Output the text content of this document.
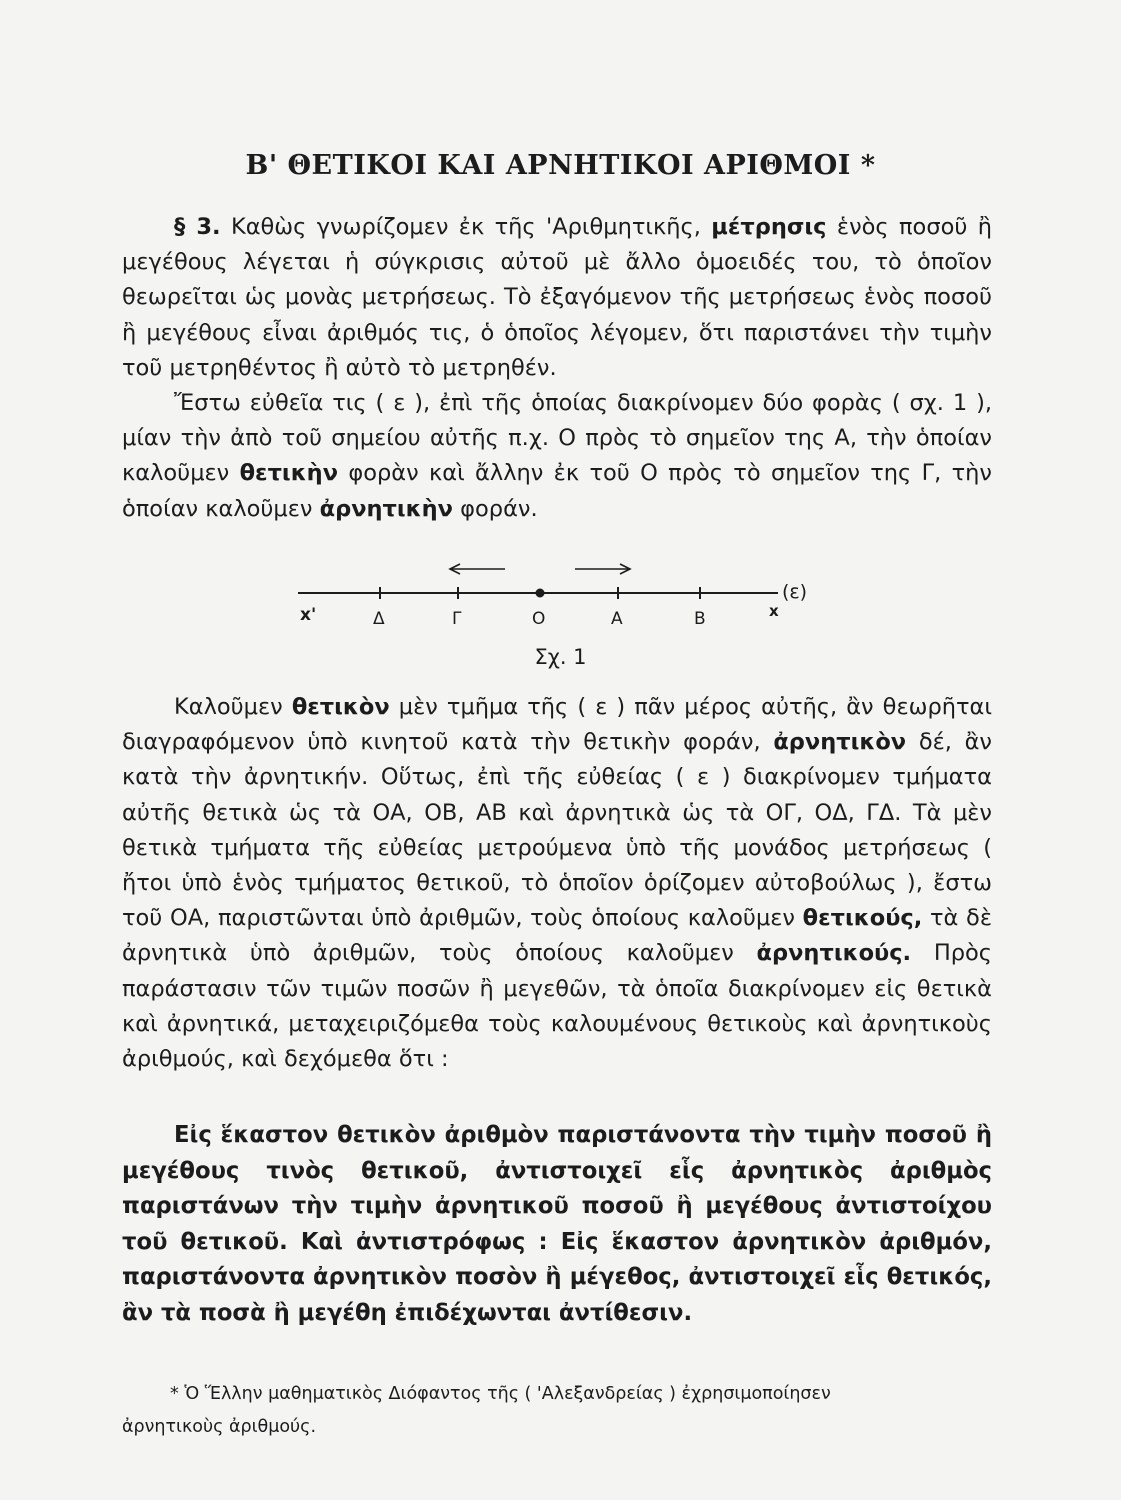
Β' ΘΕΤΙΚΟΙ ΚΑΙ ΑΡΝΗΤΙΚΟΙ ΑΡΙΘΜΟΙ *

§ 3. Καθὼς γνωρίζομεν ἐκ τῆς 'Αριθμητικῆς, μέτρησις ἑνὸς ποσοῦ ἢ μεγέθους λέγεται ἡ σύγκρισις αὐτοῦ μὲ ἄλλο ὁμοειδές του, τὸ ὁποῖον θεωρεῖται ὡς μονὰς μετρήσεως. Τὸ ἐξαγόμενον τῆς μετρήσεως ἑνὸς ποσοῦ ἢ μεγέθους εἶναι ἀριθμός τις, ὁ ὁποῖος λέγομεν, ὅτι παριστάνει τὴν τιμὴν τοῦ μετρηθέντος ἢ αὐτὸ τὸ μετρηθέν.

Ἔστω εὐθεῖα τις ( ε ), ἐπὶ τῆς ὁποίας διακρίνομεν δύο φορὰς ( σχ. 1 ), μίαν τὴν ἀπὸ τοῦ σημείου αὐτῆς π.χ. Ο πρὸς τὸ σημεῖον της Α, τὴν ὁποίαν καλοῦμεν θετικὴν φορὰν καὶ ἄλλην ἐκ τοῦ Ο πρὸς τὸ σημεῖον της Γ, τὴν ὁποίαν καλοῦμεν ἀρνητικὴν φοράν.

x'	Δ	Γ	O	A	B	x
(ε)
Σχ. 1

Καλοῦμεν θετικὸν μὲν τμῆμα τῆς ( ε ) πᾶν μέρος αὐτῆς, ἂν θεωρῆται διαγραφόμενον ὑπὸ κινητοῦ κατὰ τὴν θετικὴν φοράν, ἀρνητικὸν δέ, ἂν κατὰ τὴν ἀρνητικήν. Οὕτως, ἐπὶ τῆς εὐθείας ( ε ) διακρίνομεν τμήματα αὐτῆς θετικὰ ὡς τὰ ΟΑ, ΟΒ, ΑΒ καὶ ἀρνητικὰ ὡς τὰ ΟΓ, ΟΔ, ΓΔ. Τὰ μὲν θετικὰ τμήματα τῆς εὐθείας μετρούμενα ὑπὸ τῆς μονάδος μετρήσεως ( ἤτοι ὑπὸ ἑνὸς τμήματος θετικοῦ, τὸ ὁποῖον ὁρίζομεν αὐτοβούλως ), ἔστω τοῦ ΟΑ, παριστῶνται ὑπὸ ἀριθμῶν, τοὺς ὁποίους καλοῦμεν θετικούς, τὰ δὲ ἀρνητικὰ ὑπὸ ἀριθμῶν, τοὺς ὁποίους καλοῦμεν ἀρνητικούς. Πρὸς παράστασιν τῶν τιμῶν ποσῶν ἢ μεγεθῶν, τὰ ὁποῖα διακρίνομεν εἰς θετικὰ καὶ ἀρνητικά, μεταχειριζόμεθα τοὺς καλουμένους θετικοὺς καὶ ἀρνητικοὺς ἀριθμούς, καὶ δεχόμεθα ὅτι :

Εἰς ἕκαστον θετικὸν ἀριθμὸν παριστάνοντα τὴν τιμὴν ποσοῦ ἢ μεγέθους τινὸς θετικοῦ, ἀντιστοιχεῖ εἷς ἀρνητικὸς ἀριθμὸς παριστάνων τὴν τιμὴν ἀρνητικοῦ ποσοῦ ἢ μεγέθους ἀντιστοίχου τοῦ θετικοῦ. Καὶ ἀντιστρόφως : Εἰς ἕκαστον ἀρνητικὸν ἀριθμόν, παριστάνοντα ἀρνητικὸν ποσὸν ἢ μέγεθος, ἀντιστοιχεῖ εἷς θετικός, ἂν τὰ ποσὰ ἢ μεγέθη ἐπιδέχωνται ἀντίθεσιν.

* Ὁ Ἕλλην μαθηματικὸς Διόφαντος τῆς ( 'Αλεξανδρείας ) ἐχρησιμοποίησεν
ἀρνητικοὺς ἀριθμούς.
